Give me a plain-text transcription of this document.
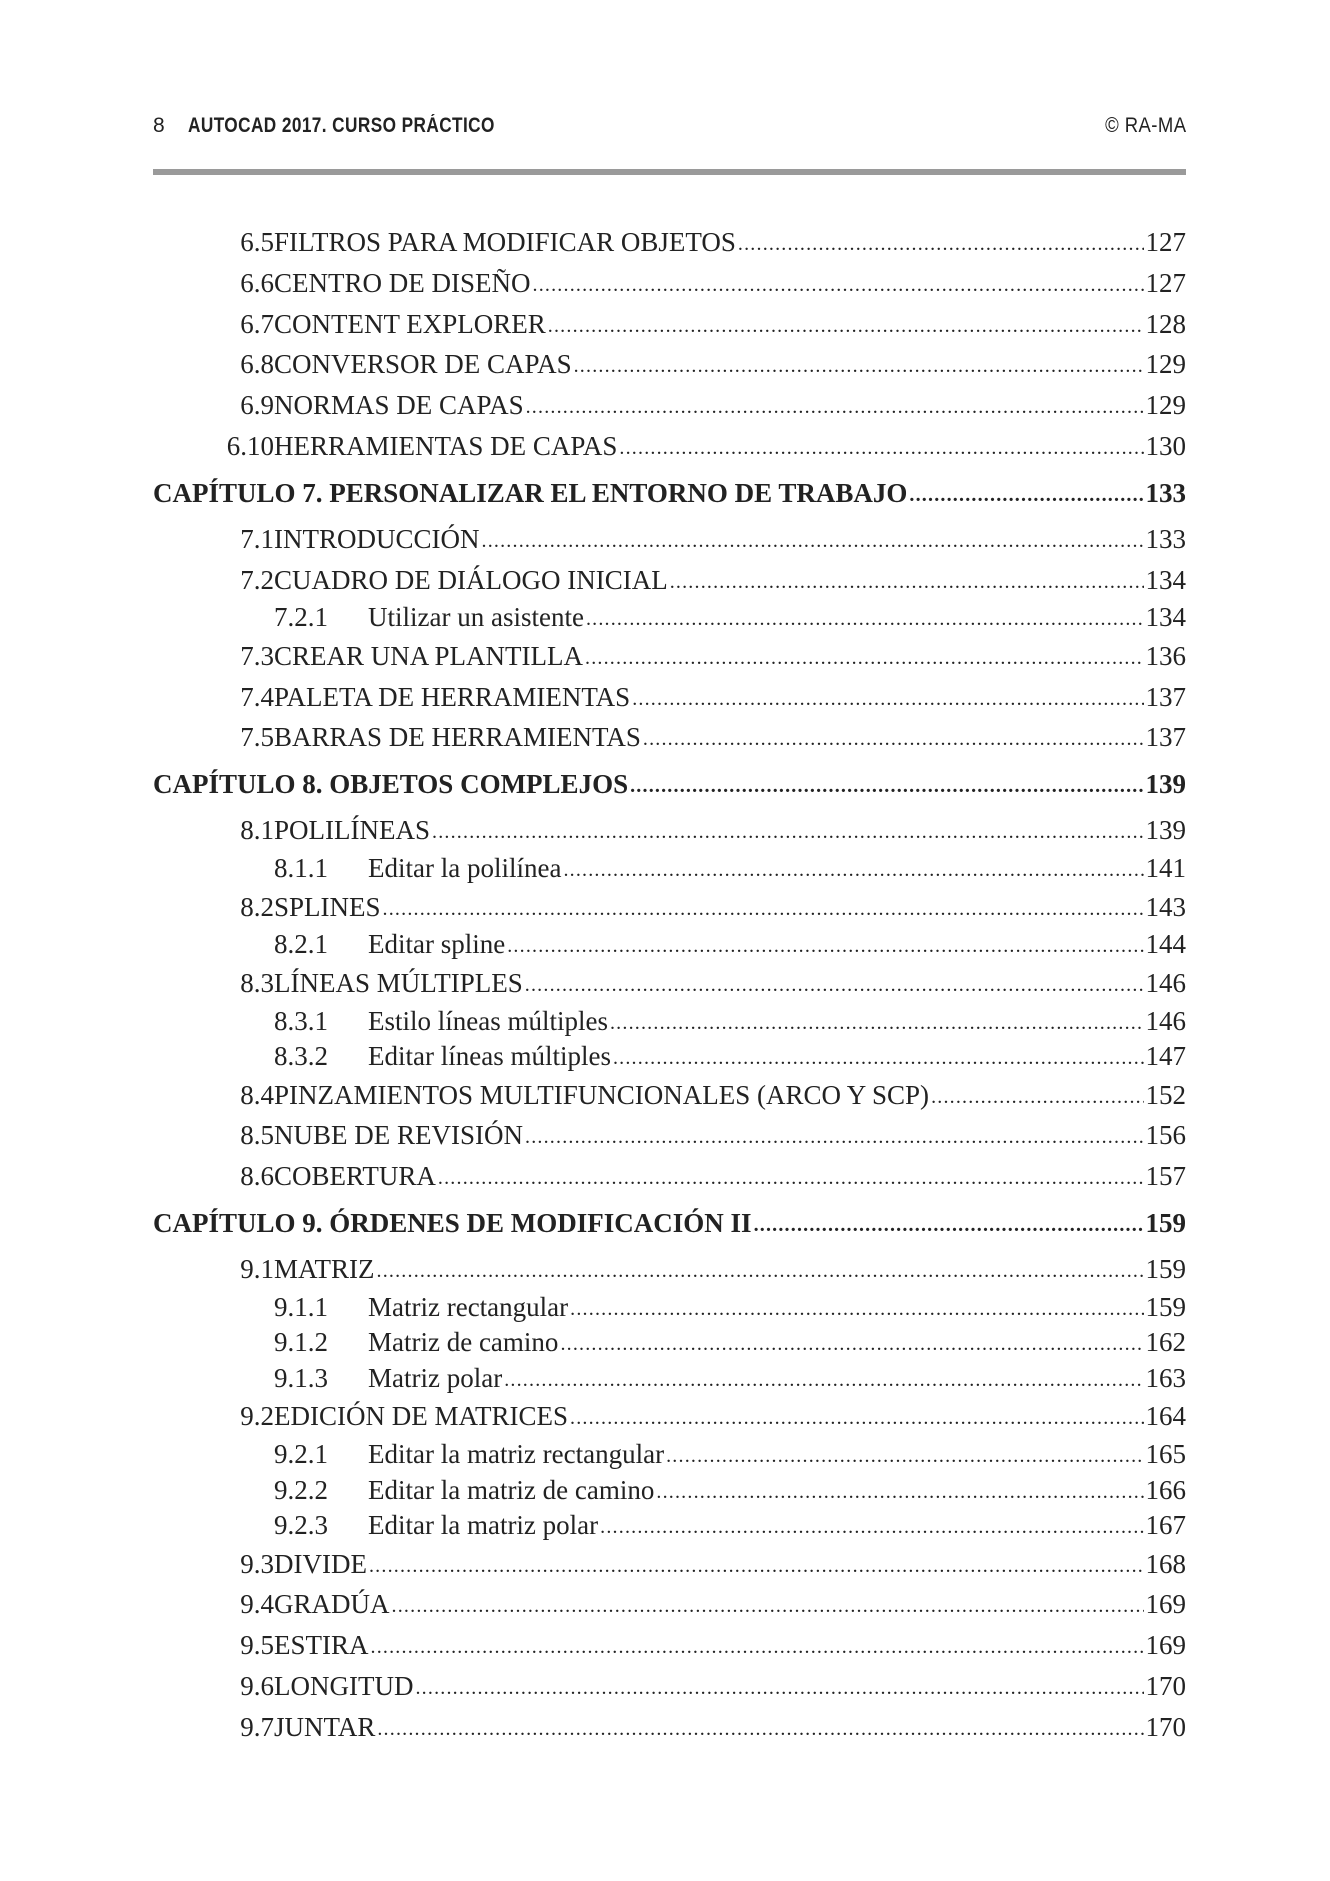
8 AUTOCAD 2017. CURSO PRÁCTICO	© RA-MA
6.5 FILTROS PARA MODIFICAR OBJETOS .....	127
6.6 CENTRO DE DISEÑO .....	127
6.7 CONTENT EXPLORER .....	128
6.8 CONVERSOR DE CAPAS .....	129
6.9 NORMAS DE CAPAS .....	129
6.10 HERRAMIENTAS DE CAPAS .....	130
CAPÍTULO 7. PERSONALIZAR EL ENTORNO DE TRABAJO .....	133
7.1 INTRODUCCIÓN .....	133
7.2 CUADRO DE DIÁLOGO INICIAL .....	134
7.2.1	Utilizar un asistente .....	134
7.3 CREAR UNA PLANTILLA .....	136
7.4 PALETA DE HERRAMIENTAS .....	137
7.5 BARRAS DE HERRAMIENTAS .....	137
CAPÍTULO 8. OBJETOS COMPLEJOS .....	139
8.1 POLILÍNEAS .....	139
8.1.1	Editar la polilínea .....	141
8.2 SPLINES .....	143
8.2.1	Editar spline .....	144
8.3 LÍNEAS MÚLTIPLES .....	146
8.3.1	Estilo líneas múltiples .....	146
8.3.2	Editar líneas múltiples .....	147
8.4 PINZAMIENTOS MULTIFUNCIONALES (ARCO Y SCP) .....	152
8.5 NUBE DE REVISIÓN .....	156
8.6 COBERTURA .....	157
CAPÍTULO 9. ÓRDENES DE MODIFICACIÓN II .....	159
9.1 MATRIZ .....	159
9.1.1	Matriz rectangular .....	159
9.1.2	Matriz de camino .....	162
9.1.3	Matriz polar .....	163
9.2 EDICIÓN DE MATRICES .....	164
9.2.1	Editar la matriz rectangular .....	165
9.2.2	Editar la matriz de camino .....	166
9.2.3	Editar la matriz polar .....	167
9.3 DIVIDE .....	168
9.4 GRADÚA .....	169
9.5 ESTIRA .....	169
9.6 LONGITUD .....	170
9.7 JUNTAR .....	170
